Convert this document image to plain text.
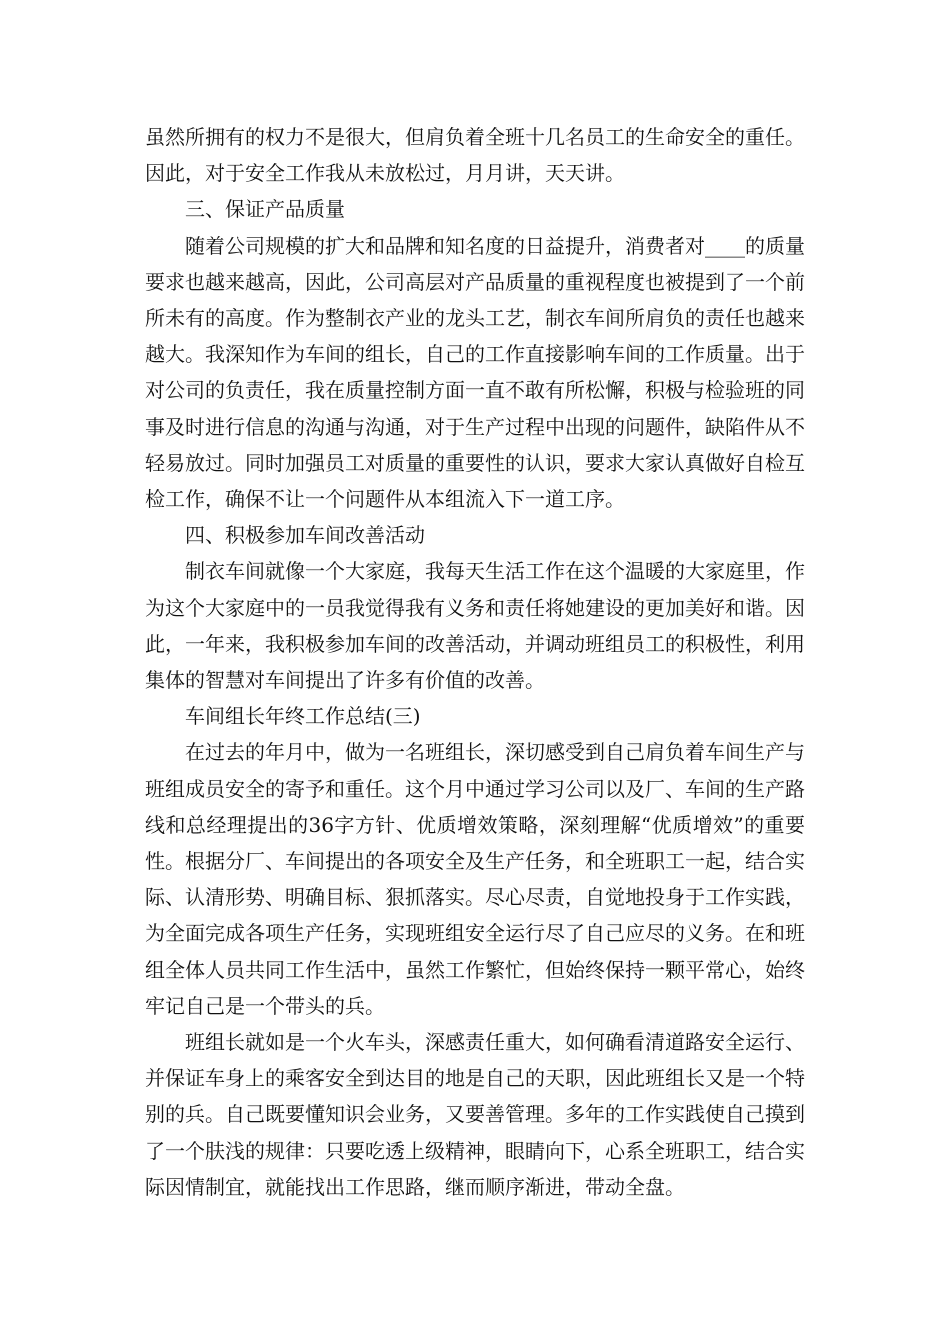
虽然所拥有的权力不是很大，但肩负着全班十几名员工的生命安全的重任。因此，对于安全工作我从未放松过，月月讲，天天讲。

三、保证产品质量

随着公司规模的扩大和品牌和知名度的日益提升，消费者对____的质量要求也越来越高，因此，公司高层对产品质量的重视程度也被提到了一个前所未有的高度。作为整制衣产业的龙头工艺，制衣车间所肩负的责任也越来越大。我深知作为车间的组长，自己的工作直接影响车间的工作质量。出于对公司的负责任，我在质量控制方面一直不敢有所松懈，积极与检验班的同事及时进行信息的沟通与沟通，对于生产过程中出现的问题件，缺陷件从不轻易放过。同时加强员工对质量的重要性的认识，要求大家认真做好自检互检工作，确保不让一个问题件从本组流入下一道工序。

四、积极参加车间改善活动

制衣车间就像一个大家庭，我每天生活工作在这个温暖的大家庭里，作为这个大家庭中的一员我觉得我有义务和责任将她建设的更加美好和谐。因此，一年来，我积极参加车间的改善活动，并调动班组员工的积极性，利用集体的智慧对车间提出了许多有价值的改善。

车间组长年终工作总结(三)

在过去的年月中，做为一名班组长，深切感受到自己肩负着车间生产与班组成员安全的寄予和重任。这个月中通过学习公司以及厂、车间的生产路线和总经理提出的36字方针、优质增效策略，深刻理解“优质增效”的重要性。根据分厂、车间提出的各项安全及生产任务，和全班职工一起，结合实际、认清形势、明确目标、狠抓落实。尽心尽责，自觉地投身于工作实践，为全面完成各项生产任务，实现班组安全运行尽了自己应尽的义务。在和班组全体人员共同工作生活中，虽然工作繁忙，但始终保持一颗平常心，始终牢记自己是一个带头的兵。

班组长就如是一个火车头，深感责任重大，如何确看清道路安全运行、并保证车身上的乘客安全到达目的地是自己的天职，因此班组长又是一个特别的兵。自己既要懂知识会业务，又要善管理。多年的工作实践使自己摸到了一个肤浅的规律：只要吃透上级精神，眼睛向下，心系全班职工，结合实际因情制宜，就能找出工作思路，继而顺序渐进，带动全盘。
